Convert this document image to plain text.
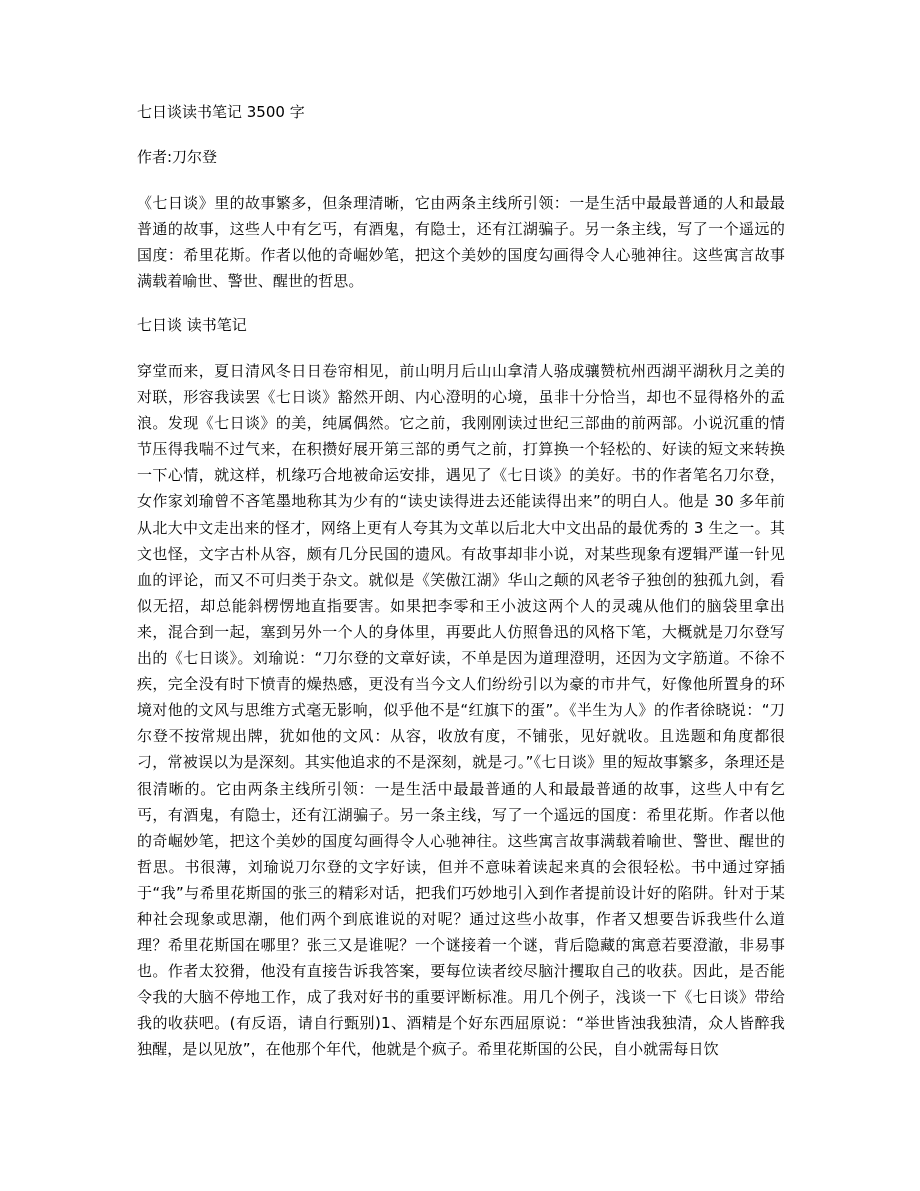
七日谈读书笔记 3500 字
作者:刀尔登

《七日谈》里的故事繁多，但条理清晰，它由两条主线所引领：一是生活中最最普通的人和最最普通的故事，这些人中有乞丐，有酒鬼，有隐士，还有江湖骗子。另一条主线，写了一个遥远的国度：希里花斯。作者以他的奇崛妙笔，把这个美妙的国度勾画得令人心驰神往。这些寓言故事满载着喻世、警世、醒世的哲思。

七日谈 读书笔记

穿堂而来，夏日清风冬日日卷帘相见，前山明月后山山拿清人骆成骧赞杭州西湖平湖秋月之美的对联，形容我读罢《七日谈》豁然开朗、内心澄明的心境，虽非十分恰当，却也不显得格外的孟浪。发现《七日谈》的美，纯属偶然。它之前，我刚刚读过世纪三部曲的前两部。小说沉重的情节压得我喘不过气来，在积攒好展开第三部的勇气之前，打算换一个轻松的、好读的短文来转换一下心情，就这样，机缘巧合地被命运安排，遇见了《七日谈》的美好。书的作者笔名刀尔登，女作家刘瑜曾不吝笔墨地称其为少有的“读史读得进去还能读得出来”的明白人。他是 30 多年前从北大中文走出来的怪才，网络上更有人夸其为文革以后北大中文出品的最优秀的 3 生之一。其文也怪，文字古朴从容，颇有几分民国的遗风。有故事却非小说，对某些现象有逻辑严谨一针见血的评论，而又不可归类于杂文。就似是《笑傲江湖》华山之颠的风老爷子独创的独孤九剑，看似无招，却总能斜楞愣地直指要害。如果把李零和王小波这两个人的灵魂从他们的脑袋里拿出来，混合到一起，塞到另外一个人的身体里，再要此人仿照鲁迅的风格下笔，大概就是刀尔登写出的《七日谈》。刘瑜说：“刀尔登的文章好读，不单是因为道理澄明，还因为文字筋道。不徐不疾，完全没有时下愤青的燥热感，更没有当今文人们纷纷引以为豪的市井气，好像他所置身的环境对他的文风与思维方式毫无影响，似乎他不是“红旗下的蛋”。《半生为人》的作者徐晓说：“刀尔登不按常规出牌，犹如他的文风：从容，收放有度，不铺张，见好就收。且选题和角度都很刁，常被误以为是深刻。其实他追求的不是深刻，就是刁。”《七日谈》里的短故事繁多，条理还是很清晰的。它由两条主线所引领：一是生活中最最普通的人和最最普通的故事，这些人中有乞丐，有酒鬼，有隐士，还有江湖骗子。另一条主线，写了一个遥远的国度：希里花斯。作者以他的奇崛妙笔，把这个美妙的国度勾画得令人心驰神往。这些寓言故事满载着喻世、警世、醒世的哲思。书很薄，刘瑜说刀尔登的文字好读，但并不意味着读起来真的会很轻松。书中通过穿插于“我”与希里花斯国的张三的精彩对话，把我们巧妙地引入到作者提前设计好的陷阱。针对于某种社会现象或思潮，他们两个到底谁说的对呢？通过这些小故事，作者又想要告诉我些什么道理？希里花斯国在哪里？张三又是谁呢？一个谜接着一个谜，背后隐藏的寓意若要澄澈，非易事也。作者太狡猾，他没有直接告诉我答案，要每位读者绞尽脑汁攫取自己的收获。因此，是否能令我的大脑不停地工作，成了我对好书的重要评断标准。用几个例子，浅谈一下《七日谈》带给我的收获吧。(有反语，请自行甄别)1、酒精是个好东西屈原说：“举世皆浊我独清，众人皆醉我独醒，是以见放”，在他那个年代，他就是个疯子。希里花斯国的公民，自小就需每日饮
